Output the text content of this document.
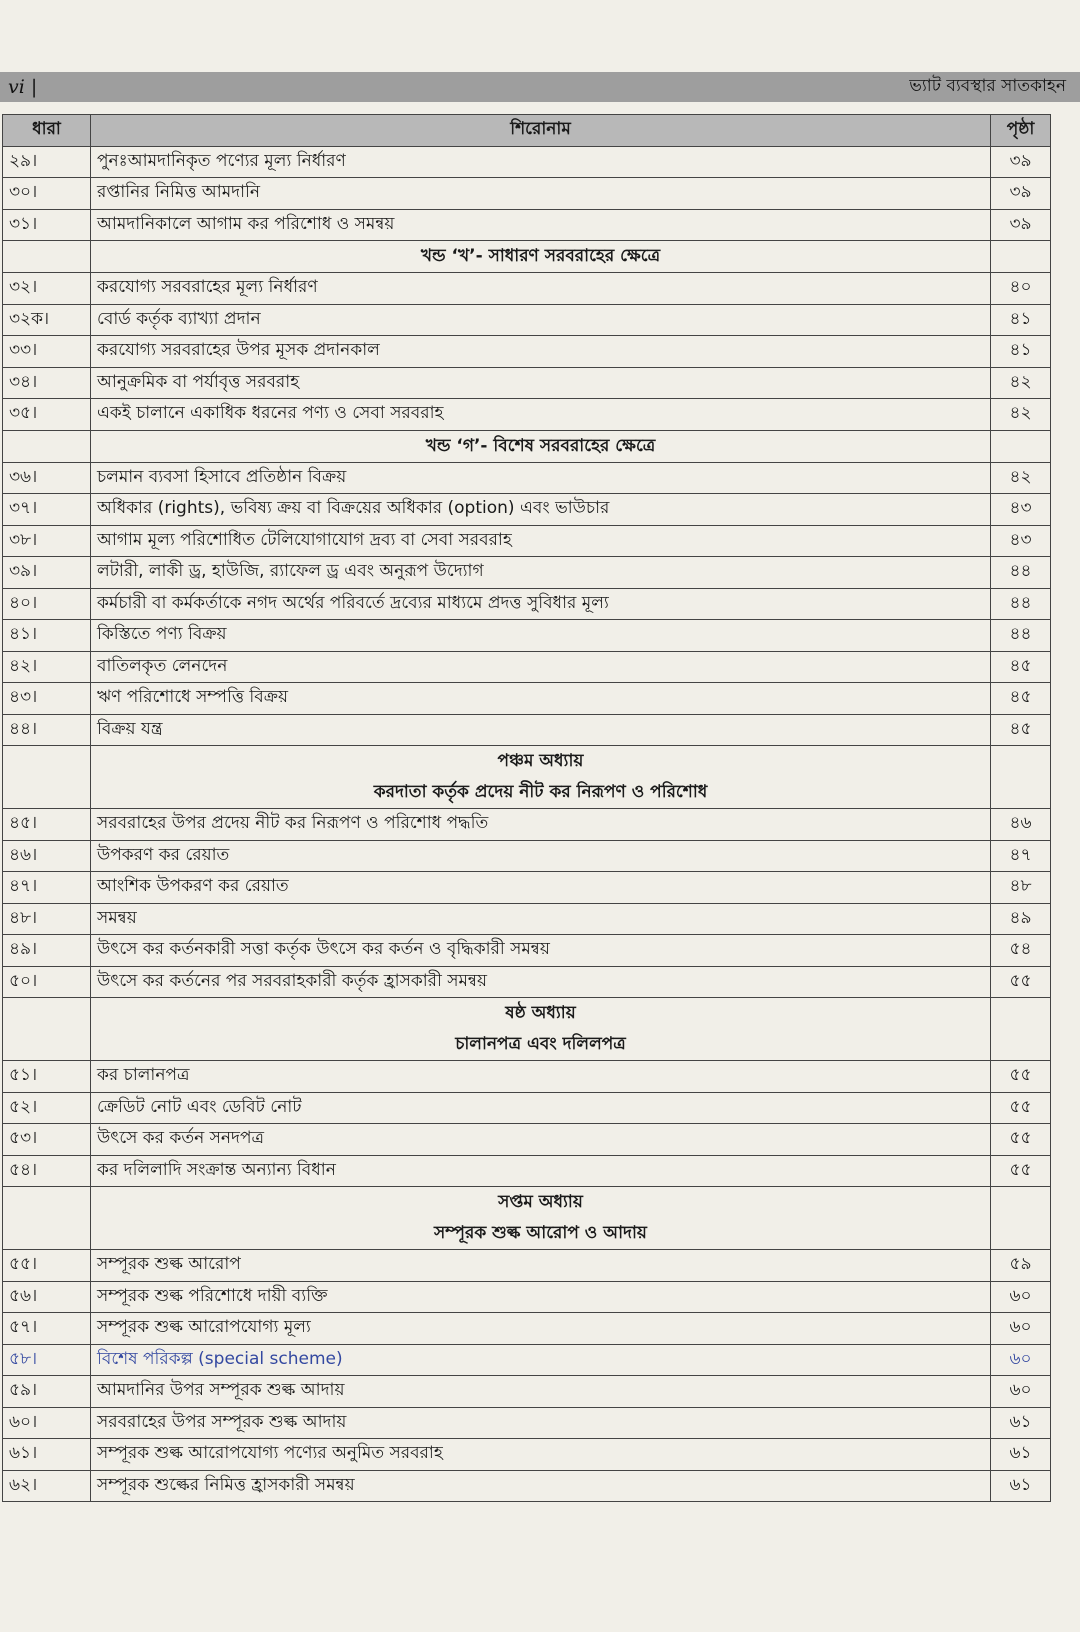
vi |	ভ্যাট ব্যবস্থার সাতকাহন
ধারা	শিরোনাম	পৃষ্ঠা
২৯।	পুনঃআমদানিকৃত পণ্যের মূল্য নির্ধারণ	৩৯
৩০।	রপ্তানির নিমিত্ত আমদানি	৩৯
৩১।	আমদানিকালে আগাম কর পরিশোধ ও সমন্বয়	৩৯

	খন্ড ‘খ’- সাধারণ সরবরাহের ক্ষেত্রে	

৩২।	করযোগ্য সরবরাহের মূল্য নির্ধারণ	৪০
৩২ক।	বোর্ড কর্তৃক ব্যাখ্যা প্রদান	৪১
৩৩।	করযোগ্য সরবরাহের উপর মূসক প্রদানকাল	৪১
৩৪।	আনুক্রমিক বা পর্যাবৃত্ত সরবরাহ	৪২
৩৫।	একই চালানে একাধিক ধরনের পণ্য ও সেবা সরবরাহ	৪২

	খন্ড ‘গ’- বিশেষ সরবরাহের ক্ষেত্রে	

৩৬।	চলমান ব্যবসা হিসাবে প্রতিষ্ঠান বিক্রয়	৪২
৩৭।	অধিকার (rights), ভবিষ্য ক্রয় বা বিক্রয়ের অধিকার (option) এবং ভাউচার	৪৩
৩৮।	আগাম মূল্য পরিশোধিত টেলিযোগাযোগ দ্রব্য বা সেবা সরবরাহ	৪৩
৩৯।	লটারী, লাকী ড্র, হাউজি, র‌্যাফেল ড্র এবং অনুরূপ উদ্যোগ	৪৪
৪০।	কর্মচারী বা কর্মকর্তাকে নগদ অর্থের পরিবর্তে দ্রব্যের মাধ্যমে প্রদত্ত সুবিধার মূল্য	৪৪
৪১।	কিস্তিতে পণ্য বিক্রয়	৪৪
৪২।	বাতিলকৃত লেনদেন	৪৫
৪৩।	ঋণ পরিশোধে সম্পত্তি বিক্রয়	৪৫
৪৪।	বিক্রয় যন্ত্র	৪৫

	পঞ্চম অধ্যায়
করদাতা কর্তৃক প্রদেয় নীট কর নিরূপণ ও পরিশোধ	

৪৫।	সরবরাহের উপর প্রদেয় নীট কর নিরূপণ ও পরিশোধ পদ্ধতি	৪৬
৪৬।	উপকরণ কর রেয়াত	৪৭
৪৭।	আংশিক উপকরণ কর রেয়াত	৪৮
৪৮।	সমন্বয়	৪৯
৪৯।	উৎসে কর কর্তনকারী সত্তা কর্তৃক উৎসে কর কর্তন ও বৃদ্ধিকারী সমন্বয়	৫৪
৫০।	উৎসে কর কর্তনের পর সরবরাহকারী কর্তৃক হ্রাসকারী সমন্বয়	৫৫

	ষষ্ঠ অধ্যায়
চালানপত্র এবং দলিলপত্র	

৫১।	কর চালানপত্র	৫৫
৫২।	ক্রেডিট নোট এবং ডেবিট নোট	৫৫
৫৩।	উৎসে কর কর্তন সনদপত্র	৫৫
৫৪।	কর দলিলাদি সংক্রান্ত অন্যান্য বিধান	৫৫

	সপ্তম অধ্যায়
সম্পূরক শুল্ক আরোপ ও আদায়	

৫৫।	সম্পূরক শুল্ক আরোপ	৫৯
৫৬।	সম্পূরক শুল্ক পরিশোধে দায়ী ব্যক্তি	৬০
৫৭।	সম্পূরক শুল্ক আরোপযোগ্য মূল্য	৬০
৫৮।	বিশেষ পরিকল্প (special scheme)	৬০
৫৯।	আমদানির উপর সম্পূরক শুল্ক আদায়	৬০
৬০।	সরবরাহের উপর সম্পূরক শুল্ক আদায়	৬১
৬১।	সম্পূরক শুল্ক আরোপযোগ্য পণ্যের অনুমিত সরবরাহ	৬১
৬২।	সম্পূরক শুল্কের নিমিত্ত হ্রাসকারী সমন্বয়	৬১
